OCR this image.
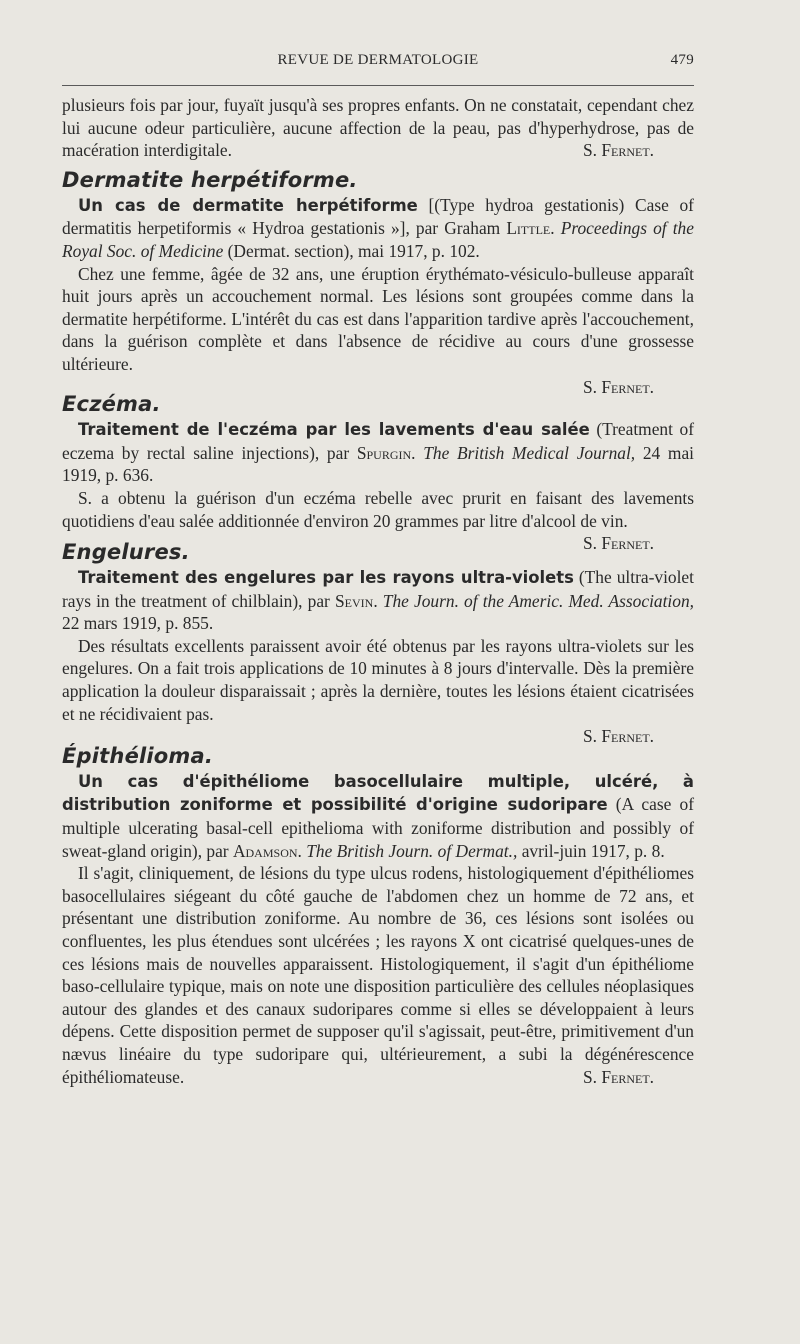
REVUE DE DERMATOLOGIE	479

plusieurs fois par jour, fuyaït jusqu'à ses propres enfants. On ne constatait, cependant chez lui aucune odeur particulière, aucune affection de la peau, pas d'hyperhydrose, pas de macération interdigitale.	S. Fernet.

Dermatite herpétiforme.

Un cas de dermatite herpétiforme [(Type hydroa gestationis) Case of dermatitis herpetiformis « Hydroa gestationis »], par Graham Little. Proceedings of the Royal Soc. of Medicine (Dermat. section), mai 1917, p. 102.

Chez une femme, âgée de 32 ans, une éruption érythémato-vésiculo-bulleuse apparaît huit jours après un accouchement normal. Les lésions sont groupées comme dans la dermatite herpétiforme. L'intérêt du cas est dans l'apparition tardive après l'accouchement, dans la guérison complète et dans l'absence de récidive au cours d'une grossesse ultérieure.

S. Fernet.

Eczéma.

Traitement de l'eczéma par les lavements d'eau salée (Treatment of eczema by rectal saline injections), par Spurgin. The British Medical Journal, 24 mai 1919, p. 636.

S. a obtenu la guérison d'un eczéma rebelle avec prurit en faisant des lavements quotidiens d'eau salée additionnée d'environ 20 grammes par litre d'alcool de vin.
S. Fernet.

Engelures.

Traitement des engelures par les rayons ultra-violets (The ultra-violet rays in the treatment of chilblain), par Sevin. The Journ. of the Americ. Med. Association, 22 mars 1919, p. 855.

Des résultats excellents paraissent avoir été obtenus par les rayons ultra-violets sur les engelures. On a fait trois applications de 10 minutes à 8 jours d'intervalle. Dès la première application la douleur disparaissait ; après la dernière, toutes les lésions étaient cicatrisées et ne récidivaient pas.

S. Fernet.

Épithélioma.

Un cas d'épithéliome basocellulaire multiple, ulcéré, à distribution zoniforme et possibilité d'origine sudoripare (A case of multiple ulcerating basal-cell epithelioma with zoniforme distribution and possibly of sweat-gland origin), par Adamson. The British Journ. of Dermat., avril-juin 1917, p. 8.

Il s'agit, cliniquement, de lésions du type ulcus rodens, histologiquement d'épithéliomes basocellulaires siégeant du côté gauche de l'abdomen chez un homme de 72 ans, et présentant une distribution zoniforme. Au nombre de 36, ces lésions sont isolées ou confluentes, les plus étendues sont ulcérées ; les rayons X ont cicatrisé quelques-unes de ces lésions mais de nouvelles apparaissent. Histologiquement, il s'agit d'un épithéliome baso-cellulaire typique, mais on note une disposition particulière des cellules néoplasiques autour des glandes et des canaux sudoripares comme si elles se développaient à leurs dépens. Cette disposition permet de supposer qu'il s'agissait, peut-être, primitivement d'un nævus linéaire du type sudoripare qui, ultérieurement, a subi la dégénérescence épithéliomateuse.	S. Fernet.
